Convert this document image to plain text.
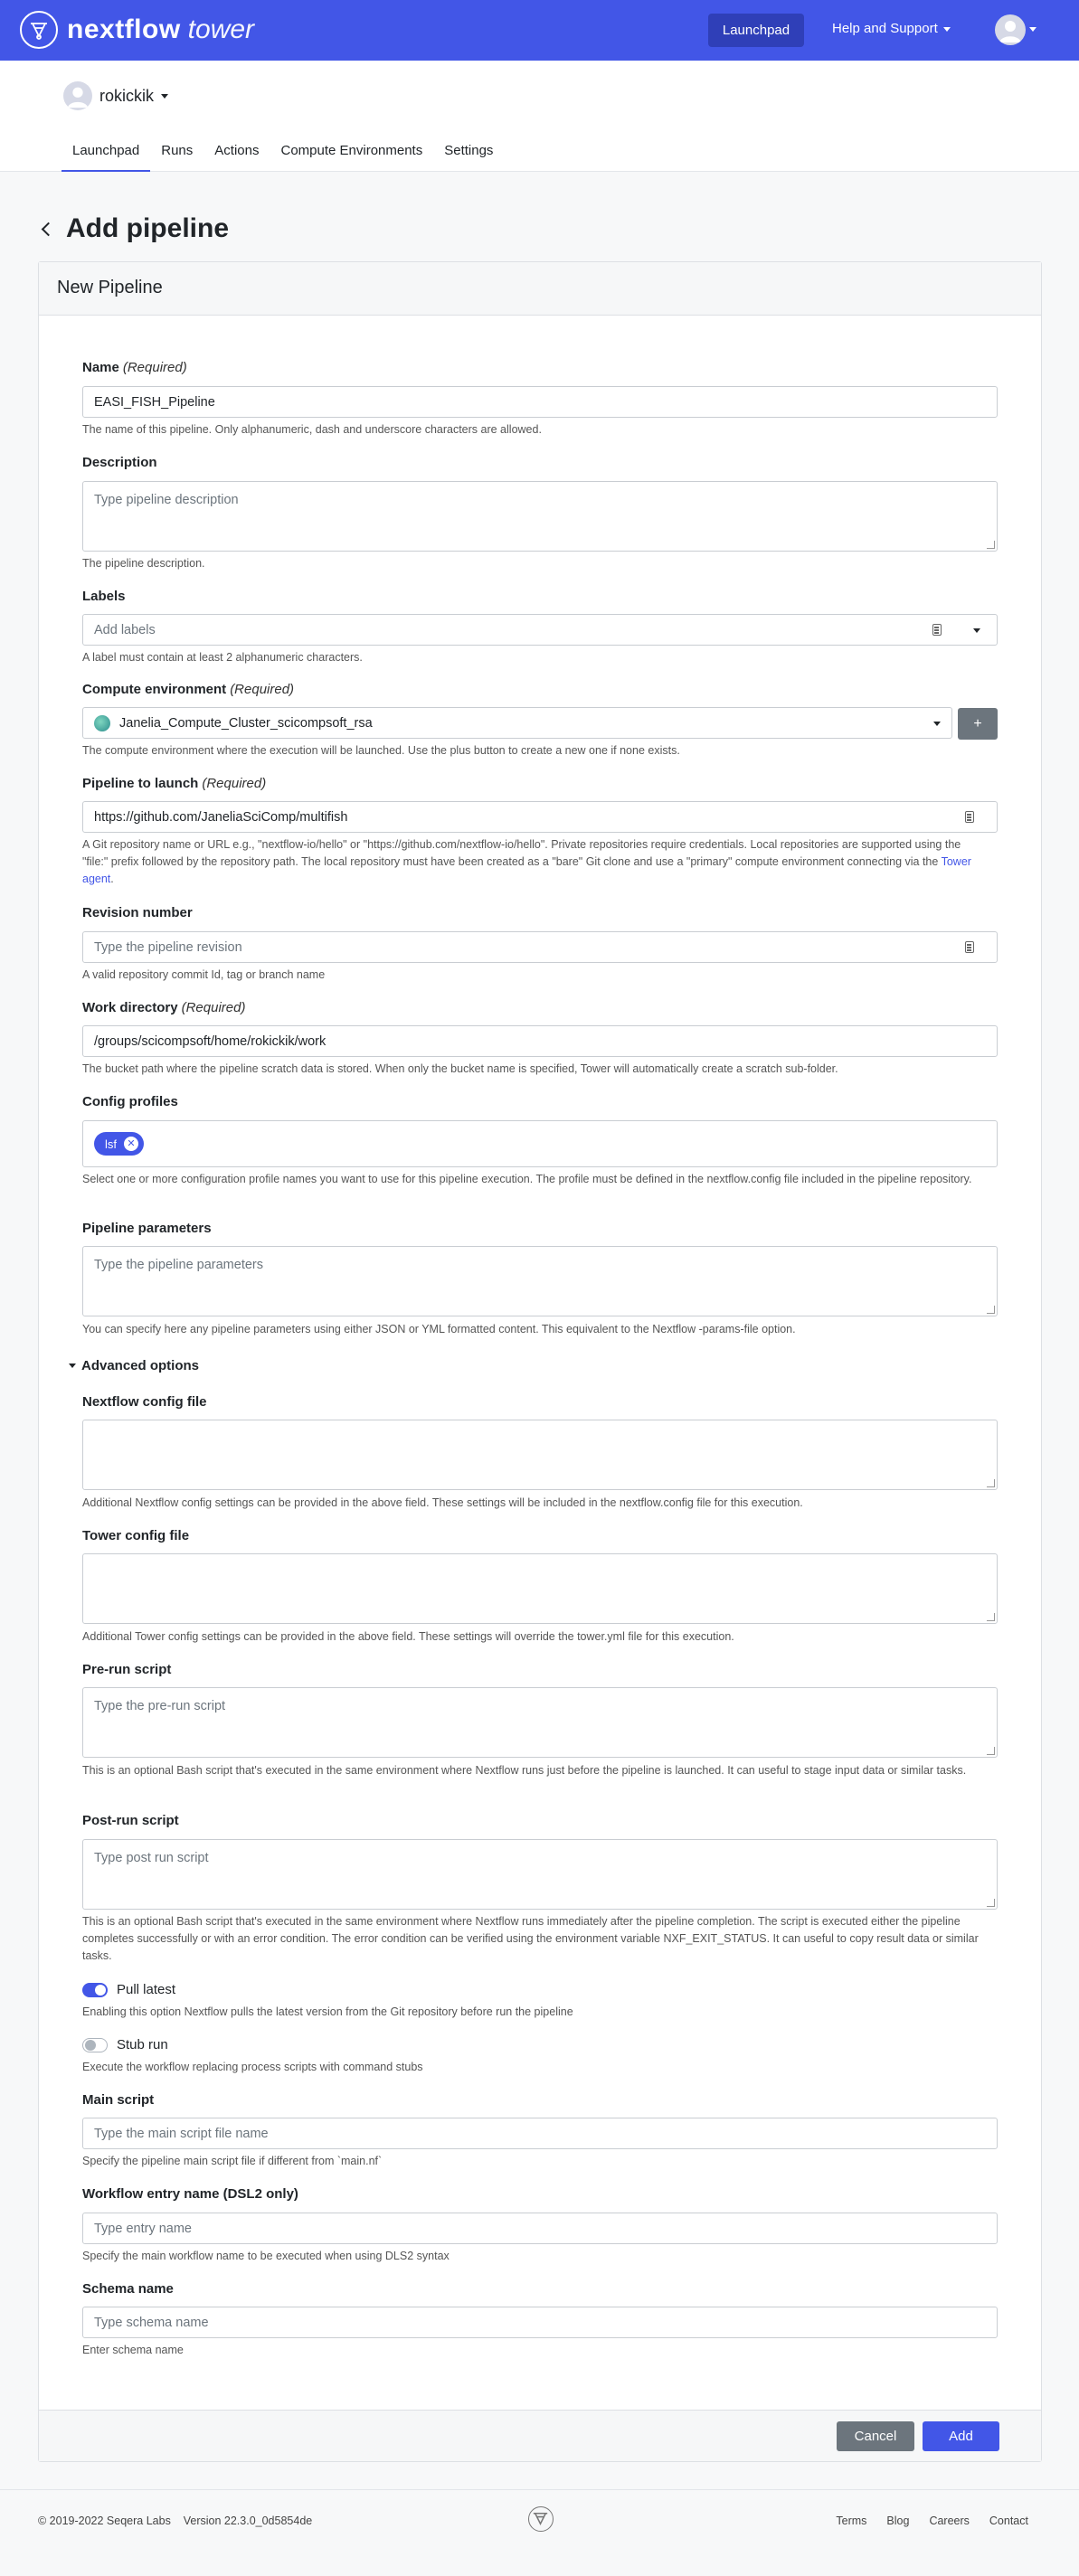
nextflow tower	Launchpad	Help and Support
rokickik
Launchpad	Runs	Actions	Compute Environments	Settings
Add pipeline
New Pipeline
Cancel	Add
Name (Required)
EASI_FISH_Pipeline
The name of this pipeline. Only alphanumeric, dash and underscore characters are allowed.
Description
Type pipeline description
The pipeline description.
Labels
Add labels
A label must contain at least 2 alphanumeric characters.
Compute environment (Required)
Janelia_Compute_Cluster_scicompsoft_rsa	+
The compute environment where the execution will be launched. Use the plus button to create a new one if none exists.
Pipeline to launch (Required)
https://github.com/JaneliaSciComp/multifish
A Git repository name or URL e.g., "nextflow-io/hello" or "https://github.com/nextflow-io/hello". Private repositories require credentials. Local repositories are supported using the "file:" prefix followed by the repository path. The local repository must have been created as a "bare" Git clone and use a "primary" compute environment connecting via the Tower agent.
Revision number
Type the pipeline revision
A valid repository commit Id, tag or branch name
Work directory (Required)
/groups/scicompsoft/home/rokickik/work
The bucket path where the pipeline scratch data is stored. When only the bucket name is specified, Tower will automatically create a scratch sub-folder.
Config profiles
lsf	✕
Select one or more configuration profile names you want to use for this pipeline execution. The profile must be defined in the nextflow.config file included in the pipeline repository.
Pipeline parameters
Type the pipeline parameters
You can specify here any pipeline parameters using either JSON or YML formatted content. This equivalent to the Nextflow -params-file option.
Advanced options
Nextflow config file
Additional Nextflow config settings can be provided in the above field. These settings will be included in the nextflow.config file for this execution.
Tower config file
Additional Tower config settings can be provided in the above field. These settings will override the tower.yml file for this execution.
Pre-run script
Type the pre-run script
This is an optional Bash script that's executed in the same environment where Nextflow runs just before the pipeline is launched. It can useful to stage input data or similar tasks.
Post-run script
Type post run script
This is an optional Bash script that's executed in the same environment where Nextflow runs immediately after the pipeline completion. The script is executed either the pipeline completes successfully or with an error condition. The error condition can be verified using the environment variable NXF_EXIT_STATUS. It can useful to copy result data or similar tasks.
Pull latest
Enabling this option Nextflow pulls the latest version from the Git repository before run the pipeline
Stub run
Execute the workflow replacing process scripts with command stubs
Main script
Type the main script file name
Specify the pipeline main script file if different from `main.nf`
Workflow entry name (DSL2 only)
Type entry name
Specify the main workflow name to be executed when using DLS2 syntax
Schema name
Type schema name
Enter schema name
© 2019-2022 Seqera Labs Version 22.3.0_0d5854de	Terms Blog Careers Contact
